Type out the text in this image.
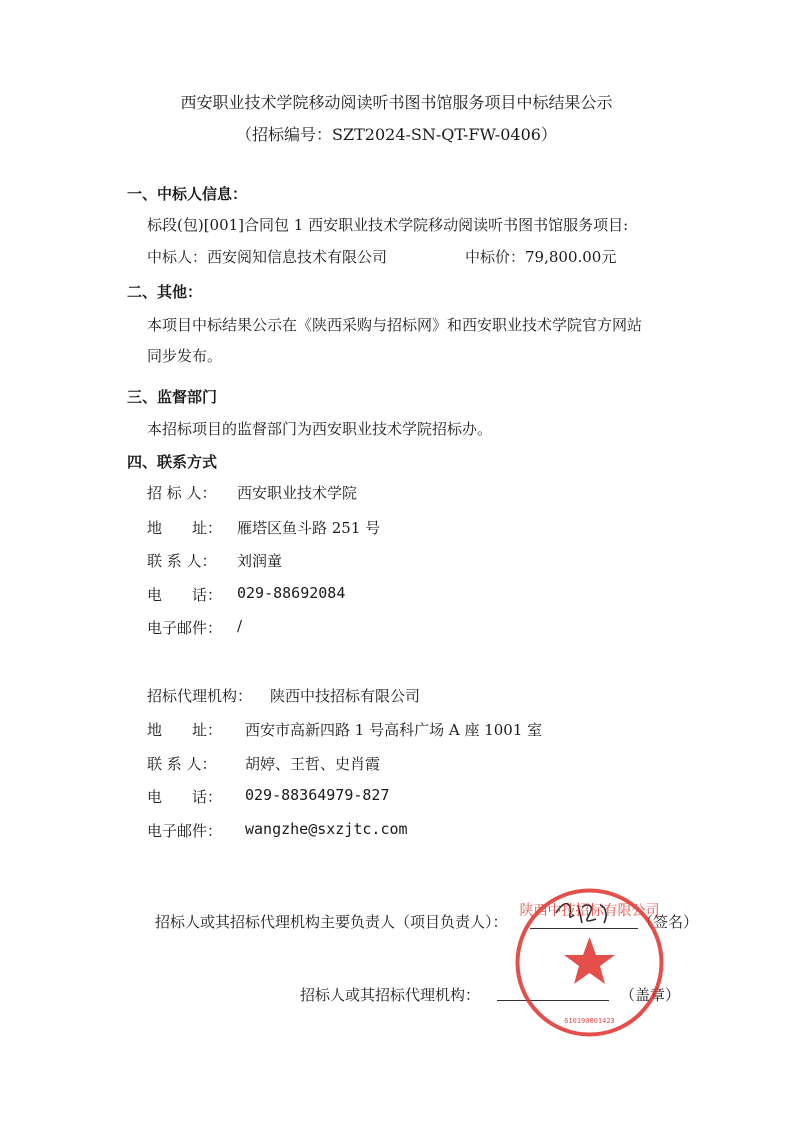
西安职业技术学院移动阅读听书图书馆服务项目中标结果公示
（招标编号：SZT2024-SN-QT-FW-0406）
一、中标人信息：
标段(包)[001]合同包 1 西安职业技术学院移动阅读听书图书馆服务项目:
中标人：西安阅知信息技术有限公司	中标价：79,800.00元
二、其他：
本项目中标结果公示在《陕西采购与招标网》和西安职业技术学院官方网站
同步发布。
三、监督部门
本招标项目的监督部门为西安职业技术学院招标办。
四、联系方式
招 标 人： 西安职业技术学院
地　　址： 雁塔区鱼斗路 251 号
联 系 人： 刘润童
电　　话： 029-88692084
电子邮件： /
招标代理机构： 陕西中技招标有限公司
地　　址： 西安市高新四路 1 号高科广场 A 座 1001 室
联 系 人： 胡婷、王哲、史肖霞
电　　话： 029-88364979-827
电子邮件： wangzhe@sxzjtc.com
招标人或其招标代理机构主要负责人（项目负责人）：	（签名）
招标人或其招标代理机构：	（盖章）
陕西中技招标有限公司
610190001423
